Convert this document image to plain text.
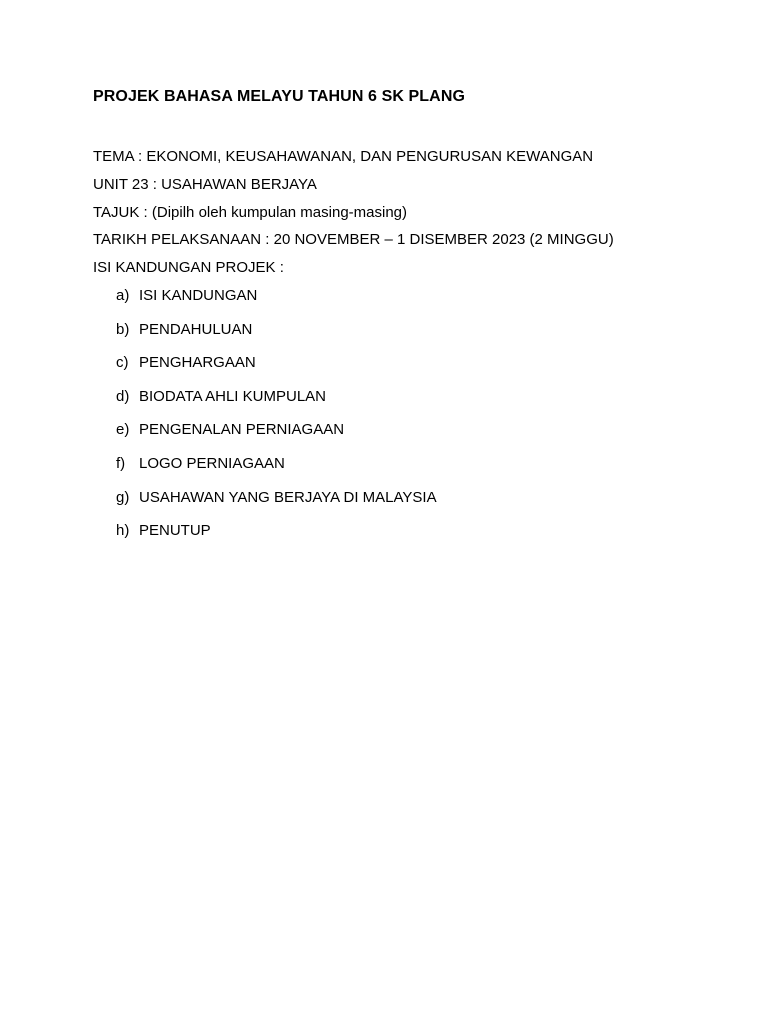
PROJEK BAHASA MELAYU TAHUN 6 SK PLANG
TEMA : EKONOMI, KEUSAHAWANAN, DAN PENGURUSAN KEWANGAN
UNIT 23 : USAHAWAN BERJAYA
TAJUK : (Dipilh oleh kumpulan masing-masing)
TARIKH PELAKSANAAN : 20 NOVEMBER – 1 DISEMBER 2023 (2 MINGGU)
ISI KANDUNGAN PROJEK :
a) ISI KANDUNGAN
b) PENDAHULUAN
c) PENGHARGAAN
d) BIODATA AHLI KUMPULAN
e) PENGENALAN PERNIAGAAN
f) LOGO PERNIAGAAN
g) USAHAWAN YANG BERJAYA DI MALAYSIA
h) PENUTUP
